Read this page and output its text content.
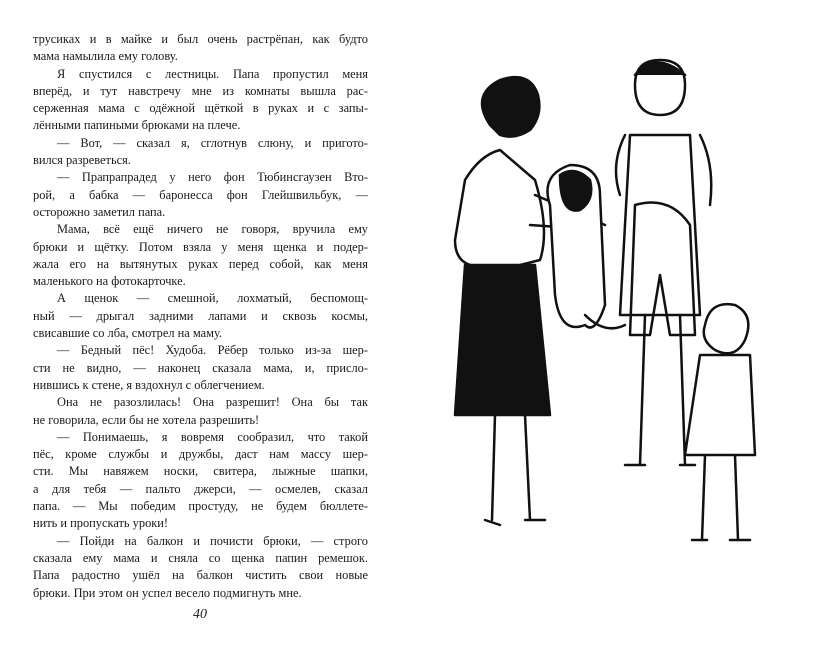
трусиках и в майке и был очень растрёпан, как будто
мама намылила ему голову.
Я спустился с лестницы. Папа пропустил меня
вперёд, и тут навстречу мне из комнаты вышла рас-
серженная мама с одёжной щёткой в руках и с запы-
лёнными папиными брюками на плече.
— Вот, — сказал я, сглотнув слюну, и пригото-
вился разреветься.
— Прапрапрадед у него фон Тюбинсгаузен Вто-
рой, а бабка — баронесса фон Глейшвильбук, —
осторожно заметил папа.
Мама, всё ещё ничего не говоря, вручила ему
брюки и щётку. Потом взяла у меня щенка и подер-
жала его на вытянутых руках перед собой, как меня
маленького на фотокарточке.
А щенок — смешной, лохматый, беспомощ-
ный — дрыгал задними лапами и сквозь космы,
свисавшие со лба, смотрел на маму.
— Бедный пёс! Худоба. Рёбер только из-за шер-
сти не видно, — наконец сказала мама, и, присло-
нившись к стене, я вздохнул с облегчением.
Она не разозлилась! Она разрешит! Она бы так
не говорила, если бы не хотела разрешить!
— Понимаешь, я вовремя сообразил, что такой
пёс, кроме службы и дружбы, даст нам массу шер-
сти. Мы навяжем носки, свитера, лыжные шапки,
а для тебя — пальто джерси, — осмелев, сказал
папа. — Мы победим простуду, не будем бюллете-
нить и пропускать уроки!
— Пойди на балкон и почисти брюки, — строго
сказала ему мама и сняла со щенка папин ремешок.
Папа радостно ушёл на балкон чистить свои новые
брюки. При этом он успел весело подмигнуть мне.
40
